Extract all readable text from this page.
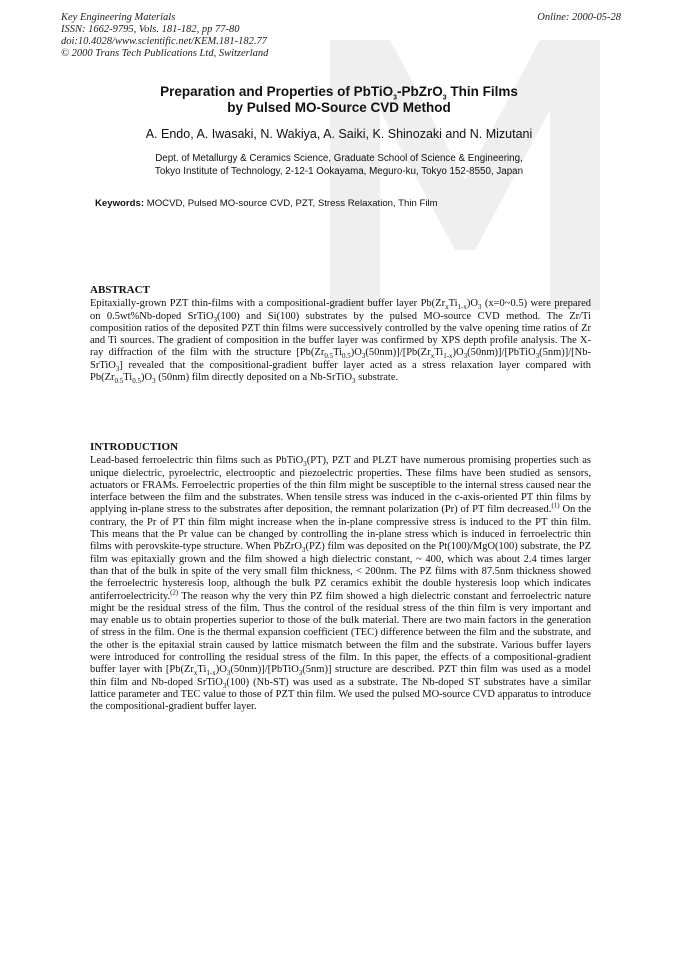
Key Engineering Materials
ISSN: 1662-9795, Vols. 181-182, pp 77-80
doi:10.4028/www.scientific.net/KEM.181-182.77
© 2000 Trans Tech Publications Ltd, Switzerland
Online: 2000-05-28
Preparation and Properties of PbTiO$_3$-PbZrO$_3$ Thin Films
by Pulsed MO-Source CVD Method
A. Endo, A. Iwasaki, N. Wakiya, A. Saiki, K. Shinozaki and N. Mizutani
Dept. of Metallurgy & Ceramics Science, Graduate School of Science & Engineering,
Tokyo Institute of Technology, 2-12-1 Ookayama, Meguro-ku, Tokyo 152-8550, Japan
Keywords: MOCVD, Pulsed MO-source CVD, PZT, Stress Relaxation, Thin Film
ABSTRACT

Epitaxially-grown PZT thin-films with a compositional-gradient buffer layer $Pb(Zr_xTi_{1-x})O_3$ (x=0~0.5) were prepared on 0.5wt%Nb-doped SrTiO$_3$(100) and Si(100) substrates by the pulsed MO-source CVD method. The Zr/Ti composition ratios of the deposited PZT thin films were successively controlled by the valve opening time ratios of Zr and Ti sources. The gradient of composition in the buffer layer was confirmed by XPS depth profile analysis. The X-ray diffraction of the film with the structure $[Pb(Zr_{0.5}Ti_{0.5})O_3(50nm)]/[Pb(Zr_xTi_{1-x})O_3(50nm)]/[PbTiO_3(5nm)]/[Nb-SrTiO_3]$ revealed that the compositional-gradient buffer layer acted as a stress relaxation layer compared with $Pb(Zr_{0.5}Ti_{0.5})O_3$ (50nm) film directly deposited on a Nb-SrTiO$_3$ substrate.

INTRODUCTION

Lead-based ferroelectric thin films such as PbTiO$_3$(PT), PZT and PLZT have numerous promising properties such as unique dielectric, pyroelectric, electrooptic and piezoelectric properties. These films have been studied as sensors, actuators or FRAMs. Ferroelectric properties of the thin film might be susceptible to the internal stress caused near the interface between the film and the substrates. When tensile stress was induced in the c-axis-oriented PT thin films by applying in-plane stress to the substrates after deposition, the remnant polarization (Pr) of PT film decreased.$^{(1)}$ On the contrary, the Pr of PT thin film might increase when the in-plane compressive stress is induced to the PT thin film. This means that the Pr value can be changed by controlling the in-plane stress which is induced in ferroelectric thin films with perovskite-type structure. When PbZrO$_3$(PZ) film was deposited on the Pt(100)/MgO(100) substrate, the PZ film was epitaxially grown and the film showed a high dielectric constant, ~ 400, which was about 2.4 times larger than that of the bulk in spite of the very small film thickness, < 200nm. The PZ films with 87.5nm thickness showed the ferroelectric hysteresis loop, although the bulk PZ ceramics exhibit the double hysteresis loop which indicates antiferroelectricity.$^{(2)}$ The reason why the very thin PZ film showed a high dielectric constant and ferroelectric nature might be the residual stress of the film. Thus the control of the residual stress of the thin film is very important and may enable us to obtain properties superior to those of the bulk material. There are two main factors in the generation of stress in the film. One is the thermal expansion coefficient (TEC) difference between the film and the substrate, and the other is the epitaxial strain caused by lattice mismatch between the film and the substrate. Various buffer layers were introduced for controlling the residual stress of the film. In this paper, the effects of a compositional-gradient buffer layer with $[Pb(Zr_xTi_{1-x})O_3(50nm)]/[PbTiO_3(5nm)]$ structure are described. PZT thin film was used as a model thin film and Nb-doped SrTiO$_3$(100) (Nb-ST) was used as a substrate. The Nb-doped ST substrates have a similar lattice parameter and TEC value to those of PZT thin film. We used the pulsed MO-source CVD apparatus to introduce the compositional-gradient buffer layer.
